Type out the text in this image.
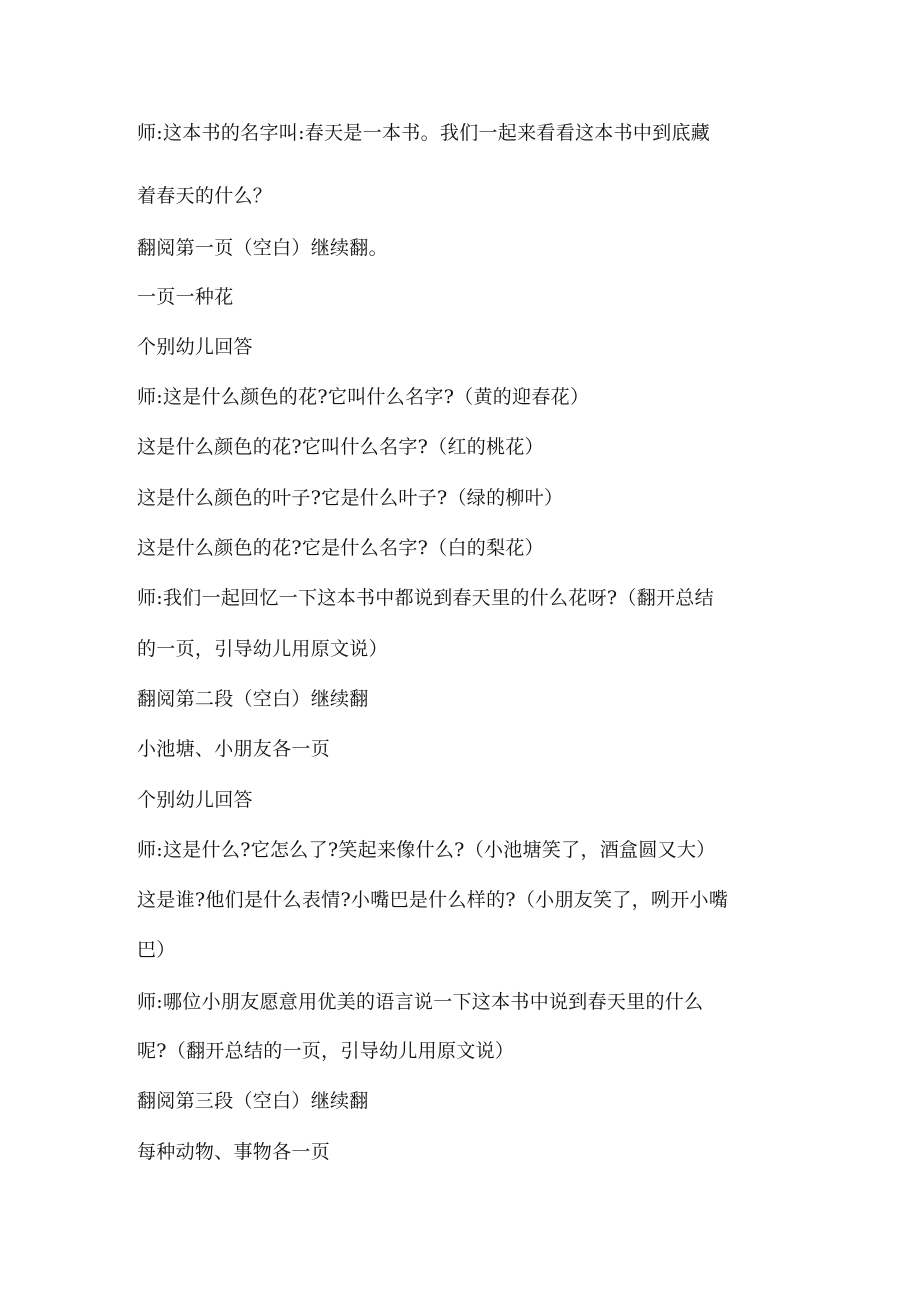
师:这本书的名字叫:春天是一本书。我们一起来看看这本书中到底藏
着春天的什么？
翻阅第一页（空白）继续翻。
一页一种花
个别幼儿回答
师:这是什么颜色的花?它叫什么名字?（黄的迎春花）
这是什么颜色的花?它叫什么名字?（红的桃花）
这是什么颜色的叶子?它是什么叶子?（绿的柳叶）
这是什么颜色的花?它是什么名字?（白的梨花）
师:我们一起回忆一下这本书中都说到春天里的什么花呀?（翻开总结
的一页，引导幼儿用原文说）
翻阅第二段（空白）继续翻
小池塘、小朋友各一页
个别幼儿回答
师:这是什么?它怎么了?笑起来像什么?（小池塘笑了，酒盒圆又大）
这是谁?他们是什么表情?小嘴巴是什么样的?（小朋友笑了，咧开小嘴
巴）
师:哪位小朋友愿意用优美的语言说一下这本书中说到春天里的什么
呢?（翻开总结的一页，引导幼儿用原文说）
翻阅第三段（空白）继续翻
每种动物、事物各一页
